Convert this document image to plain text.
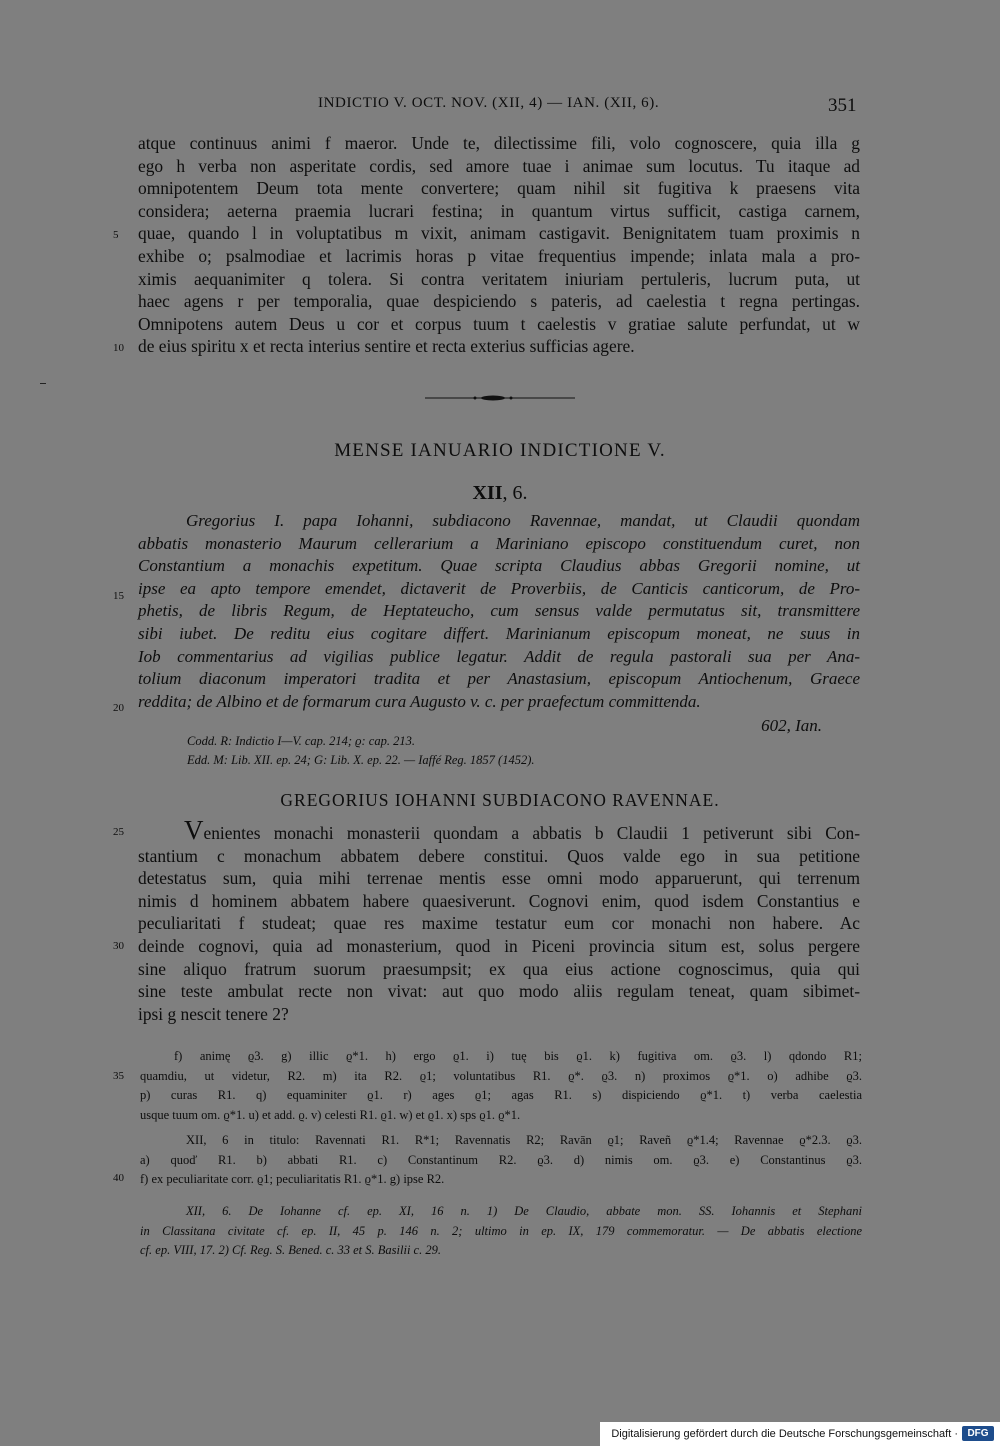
INDICTIO V. OCT. NOV. (XII, 4) — IAN. (XII, 6).	351
atque continuus animi f maeror. Unde te, dilectissime fili, volo cognoscere, quia illa g
ego h verba non asperitate cordis, sed amore tuae i animae sum locutus. Tu itaque ad
omnipotentem Deum tota mente convertere; quam nihil sit fugitiva k praesens vita
considera; aeterna praemia lucrari festina; in quantum virtus sufficit, castiga carnem,
quae, quando l in voluptatibus m vixit, animam castigavit. Benignitatem tuam proximis n
exhibe o; psalmodiae et lacrimis horas p vitae frequentius impende; inlata mala a pro-
ximis aequanimiter q tolera. Si contra veritatem iniuriam pertuleris, lucrum puta, ut
haec agens r per temporalia, quae despiciendo s pateris, ad caelestia t regna pertingas.
Omnipotens autem Deus u cor et corpus tuum t caelestis v gratiae salute perfundat, ut w
de eius spiritu x et recta interius sentire et recta exterius sufficias agere.
5
10
MENSE IANUARIO INDICTIONE V.
XII, 6.
Gregorius I. papa Iohanni, subdiacono Ravennae, mandat, ut Claudii quondam
abbatis monasterio Maurum cellerarium a Mariniano episcopo constituendum curet, non
Constantium a monachis expetitum. Quae scripta Claudius abbas Gregorii nomine, ut
ipse ea apto tempore emendet, dictaverit de Proverbiis, de Canticis canticorum, de Pro-
phetis, de libris Regum, de Heptateucho, cum sensus valde permutatus sit, transmittere
sibi iubet. De reditu eius cogitare differt. Marinianum episcopum moneat, ne suus in
Iob commentarius ad vigilias publice legatur. Addit de regula pastorali sua per Ana-
tolium diaconum imperatori tradita et per Anastasium, episcopum Antiochenum, Graece
reddita; de Albino et de formarum cura Augusto v. c. per praefectum committenda.
15
20
602, Ian.
Codd. R: Indictio I—V. cap. 214; ϱ: cap. 213.
Edd. M: Lib. XII. ep. 24; G: Lib. X. ep. 22. — Iaffé Reg. 1857 (1452).
GREGORIUS IOHANNI SUBDIACONO RAVENNAE.
Venientes monachi monasterii quondam a abbatis b Claudii 1 petiverunt sibi Con-
stantium c monachum abbatem debere constitui. Quos valde ego in sua petitione
detestatus sum, quia mihi terrenae mentis esse omni modo apparuerunt, qui terrenum
nimis d hominem abbatem habere quaesiverunt. Cognovi enim, quod isdem Constantius e
peculiaritati f studeat; quae res maxime testatur eum cor monachi non habere. Ac
deinde cognovi, quia ad monasterium, quod in Piceni provincia situm est, solus pergere
sine aliquo fratrum suorum praesumpsit; ex qua eius actione cognoscimus, quia qui
sine teste ambulat recte non vivat: aut quo modo aliis regulam teneat, quam sibimet-
ipsi g nescit tenere 2?
25
30
f) animę ϱ3. g) illic ϱ*1. h) ergo ϱ1. i) tuę bis ϱ1. k) fugitiva om. ϱ3. l) qdondo R1;
quamdiu, ut videtur, R2. m) ita R2. ϱ1; voluntatibus R1. ϱ*. ϱ3. n) proximos ϱ*1. o) adhibe ϱ3.
p) curas R1. q) equaminiter ϱ1. r) ages ϱ1; agas R1. s) dispiciendo ϱ*1. t) verba caelestia
usque tuum om. ϱ*1. u) et add. ϱ. v) celesti R1. ϱ1. w) et ϱ1. x) sps ϱ1. ϱ*1.
35
XII, 6 in titulo: Ravennati R1. R*1; Ravennatis R2; Ravān ϱ1; Raveñ ϱ*1.4; Ravennae ϱ*2.3. ϱ3.
a) quoď R1. b) abbati R1. c) Constantinum R2. ϱ3. d) nimis om. ϱ3. e) Constantinus ϱ3.
f) ex peculiaritate corr. ϱ1; peculiaritatis R1. ϱ*1. g) ipse R2.
40
XII, 6. De Iohanne cf. ep. XI, 16 n. 1) De Claudio, abbate mon. SS. Iohannis et Stephani
in Classitana civitate cf. ep. II, 45 p. 146 n. 2; ultimo in ep. IX, 179 commemoratur. — De abbatis electione
cf. ep. VIII, 17. 2) Cf. Reg. S. Bened. c. 33 et S. Basilii c. 29.
Digitalisierung gefördert durch die Deutsche Forschungsgemeinschaft · DFG
